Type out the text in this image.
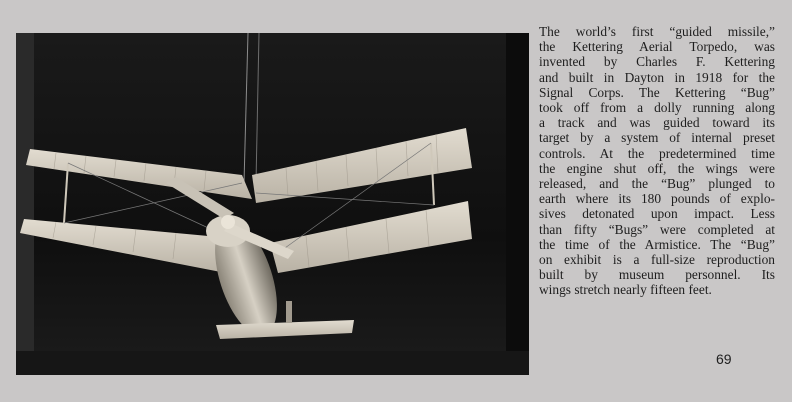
The world’s first “guided missile,”
the Kettering Aerial Torpedo, was
invented by Charles F. Kettering
and built in Dayton in 1918 for the
Signal Corps. The Kettering “Bug”
took off from a dolly running along
a track and was guided toward its
target by a system of internal preset
controls. At the predetermined time
the engine shut off, the wings were
released, and the “Bug” plunged to
earth where its 180 pounds of explo-
sives detonated upon impact. Less
than fifty “Bugs” were completed at
the time of the Armistice. The “Bug”
on exhibit is a full-size reproduction
built by museum personnel. Its
wings stretch nearly fifteen feet.
69
